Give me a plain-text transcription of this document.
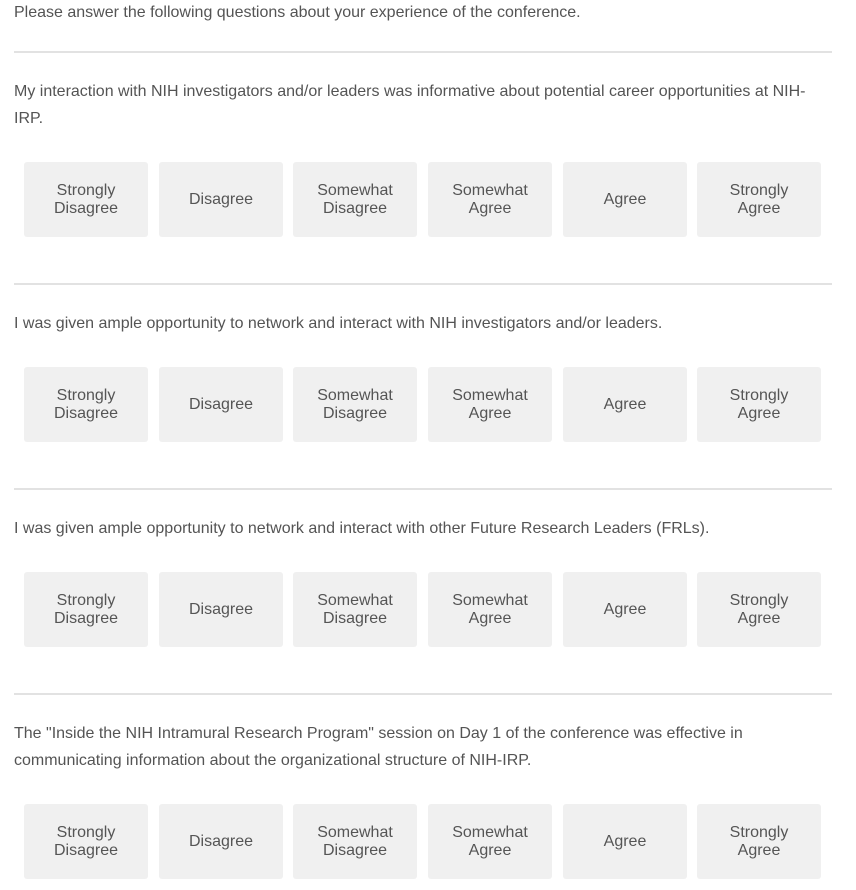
Please answer the following questions about your experience of the conference.
My interaction with NIH investigators and/or leaders was informative about potential career opportunities at NIH-IRP.
Strongly
Disagree
Disagree
Somewhat
Disagree
Somewhat
Agree
Agree
Strongly
Agree
I was given ample opportunity to network and interact with NIH investigators and/or leaders.
Strongly
Disagree
Disagree
Somewhat
Disagree
Somewhat
Agree
Agree
Strongly
Agree
I was given ample opportunity to network and interact with other Future Research Leaders (FRLs).
Strongly
Disagree
Disagree
Somewhat
Disagree
Somewhat
Agree
Agree
Strongly
Agree
The "Inside the NIH Intramural Research Program" session on Day 1 of the conference was effective in communicating information about the organizational structure of NIH-IRP.
Strongly
Disagree
Disagree
Somewhat
Disagree
Somewhat
Agree
Agree
Strongly
Agree
